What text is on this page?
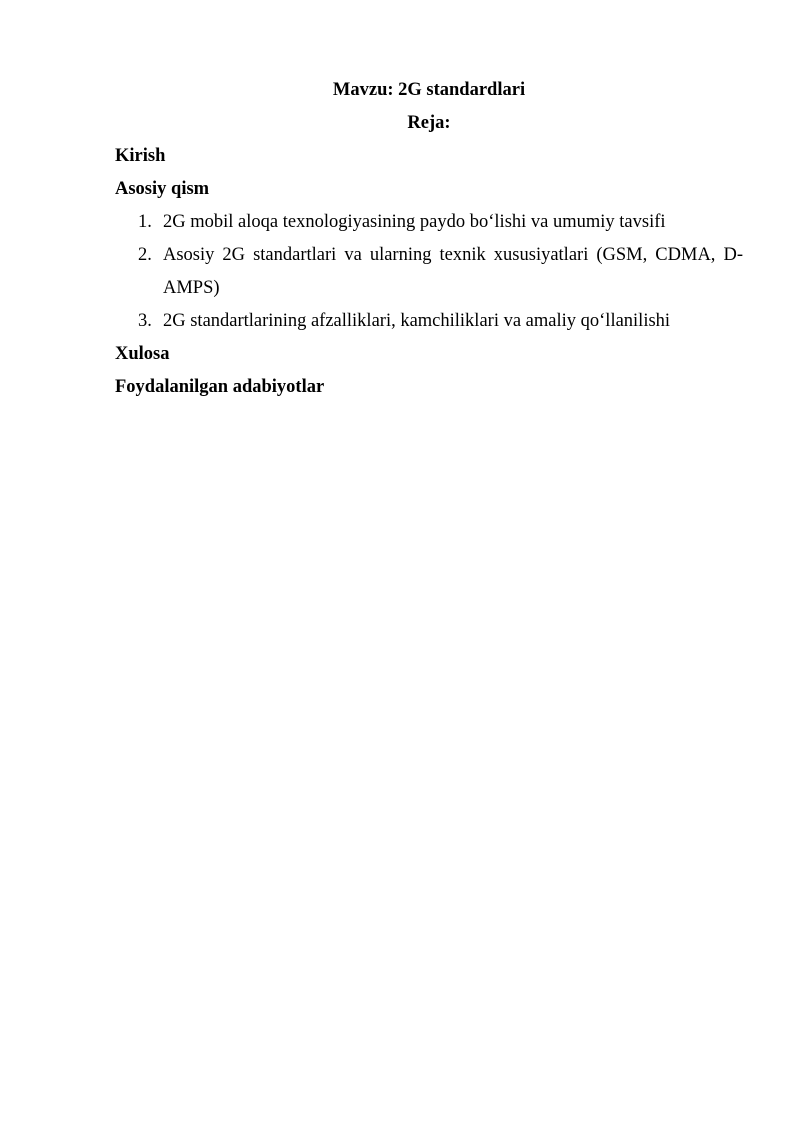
Mavzu: 2G standardlari
Reja:
Kirish
Asosiy qism
1. 2G mobil aloqa texnologiyasining paydo bo‘lishi va umumiy tavsifi
2. Asosiy 2G standartlari va ularning texnik xususiyatlari (GSM, CDMA, D-AMPS)
3. 2G standartlarining afzalliklari, kamchiliklari va amaliy qo‘llanilishi
Xulosa
Foydalanilgan adabiyotlar
